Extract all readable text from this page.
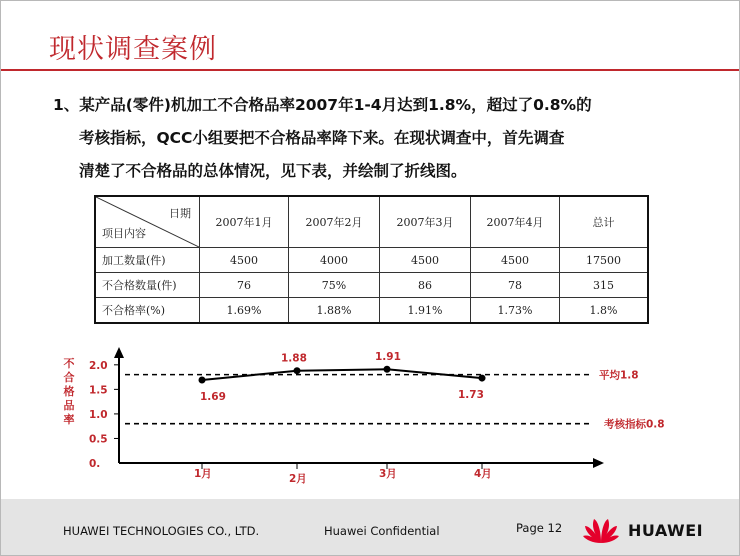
现状调查案例
1、某产品(零件)机加工不合格品率2007年1-4月达到1.8%，超过了0.8%的
考核指标，QCC小组要把不合格品率降下来。在现状调查中，首先调查
清楚了不合格品的总体情况，见下表，并绘制了折线图。
日期
项目内容	2007年1月	2007年2月	2007年3月	2007年4月	总计
加工数量(件)	4500	4000	4500	4500	17500
不合格数量(件)	76	75%	86	78	315
不合格率(%)	1.69%	1.88%	1.91%	1.73%	1.8%
不
合
格
品
率
0.
0.5
1.0
1.5
2.0
平均1.8
考核指标0.8
1月	2月	3月	4月
1.69
1.88	1.91
1.73
HUAWEI TECHNOLOGIES CO., LTD.	Huawei Confidential	Page 12	HUAWEI
